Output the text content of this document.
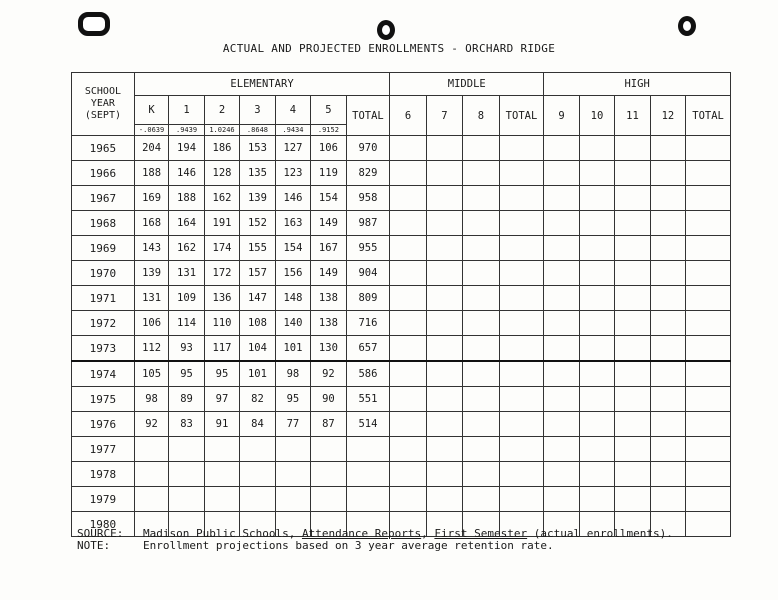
ACTUAL AND PROJECTED ENROLLMENTS - ORCHARD RIDGE
SCHOOL YEAR (SEPT)	ELEMENTARY							MIDDLE				HIGH				
	K	1	2	3	4	5	TOTAL	6	7	8	TOTAL	9	10	11	12	TOTAL
	-.0639	.9439	1.0246	.8648	.9434	.9152										
1965	204	194	186	153	127	106	970									
1966	188	146	128	135	123	119	829									
1967	169	188	162	139	146	154	958									
1968	168	164	191	152	163	149	987									
1969	143	162	174	155	154	167	955									
1970	139	131	172	157	156	149	904									
1971	131	109	136	147	148	138	809									
1972	106	114	110	108	140	138	716									
1973	112	93	117	104	101	130	657									
1974	105	95	95	101	98	92	586									
1975	98	89	97	82	95	90	551									
1976	92	83	91	84	77	87	514									
1977																
1978																
1979																
1980																
SOURCE: Madison Public Schools, Attendance Reports, First Semester (actual enrollments).
NOTE:	Enrollment projections based on 3 year average retention rate.
